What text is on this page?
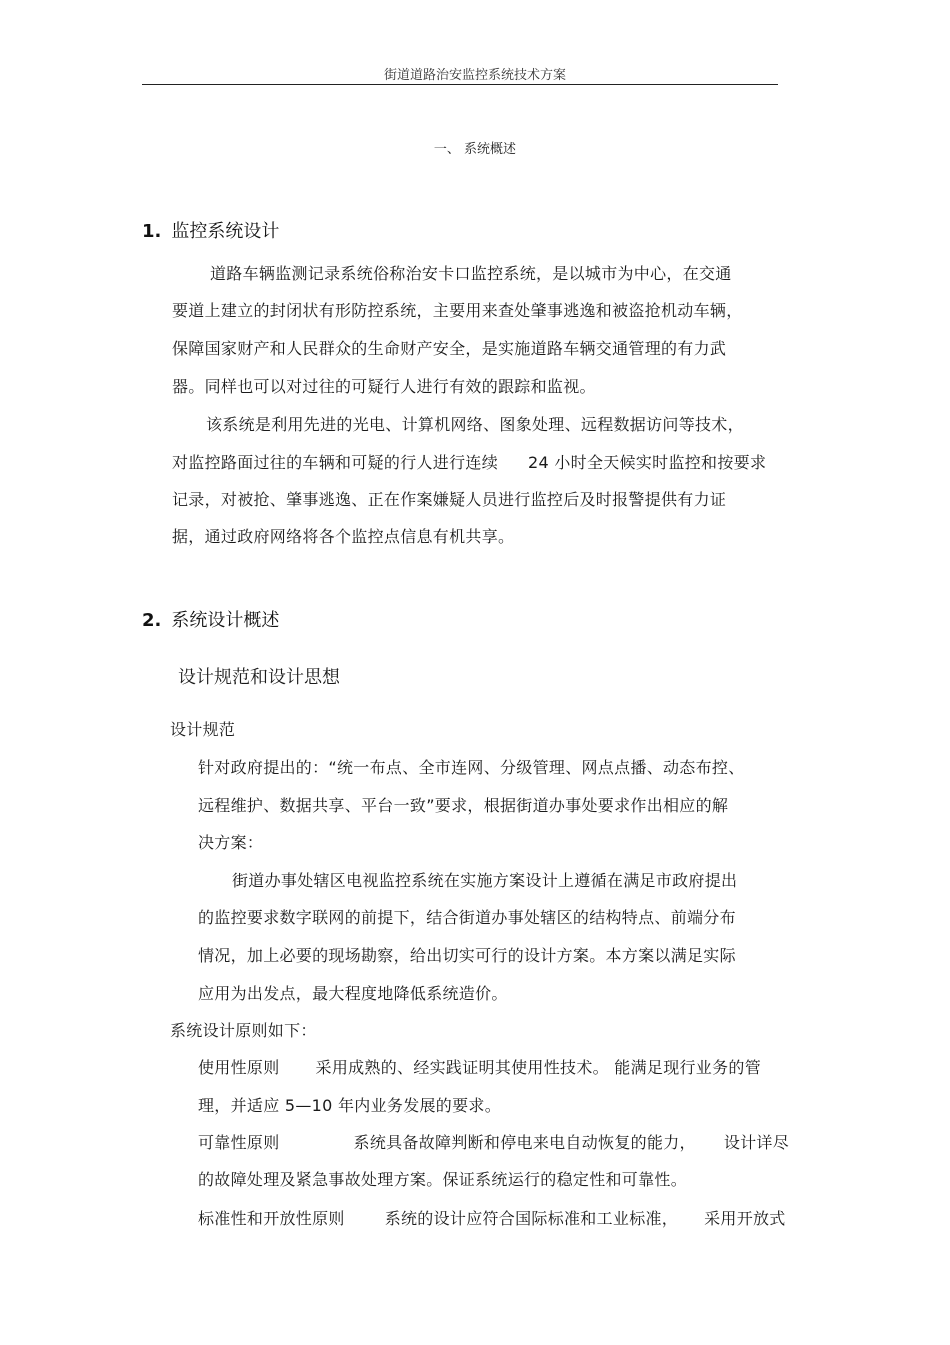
街道道路治安监控系统技术方案
一、 系统概述
1. 监控系统设计
道路车辆监测记录系统俗称治安卡口监控系统，是以城市为中心，在交通
要道上建立的封闭状有形防控系统，主要用来查处肇事逃逸和被盗抢机动车辆，
保障国家财产和人民群众的生命财产安全，是实施道路车辆交通管理的有力武
器。同样也可以对过往的可疑行人进行有效的跟踪和监视。
该系统是利用先进的光电、计算机网络、图象处理、远程数据访问等技术，
对监控路面过往的车辆和可疑的行人进行连续 24 小时全天候实时监控和按要求
记录，对被抢、肇事逃逸、正在作案嫌疑人员进行监控后及时报警提供有力证
据，通过政府网络将各个监控点信息有机共享。
2. 系统设计概述
设计规范和设计思想
设计规范
针对政府提出的：“统一布点、全市连网、分级管理、网点点播、动态布控、
远程维护、数据共享、平台一致”要求，根据街道办事处要求作出相应的解
决方案：
街道办事处辖区电视监控系统在实施方案设计上遵循在满足市政府提出
的监控要求数字联网的前提下，结合街道办事处辖区的结构特点、前端分布
情况，加上必要的现场勘察，给出切实可行的设计方案。本方案以满足实际
应用为出发点，最大程度地降低系统造价。
系统设计原则如下：
使用性原则 采用成熟的、经实践证明其使用性技术。 能满足现行业务的管
理，并适应 5—10 年内业务发展的要求。
可靠性原则	系统具备故障判断和停电来电自动恢复的能力， 设计详尽
的故障处理及紧急事故处理方案。保证系统运行的稳定性和可靠性。
标准性和开放性原则	系统的设计应符合国际标准和工业标准， 采用开放式
